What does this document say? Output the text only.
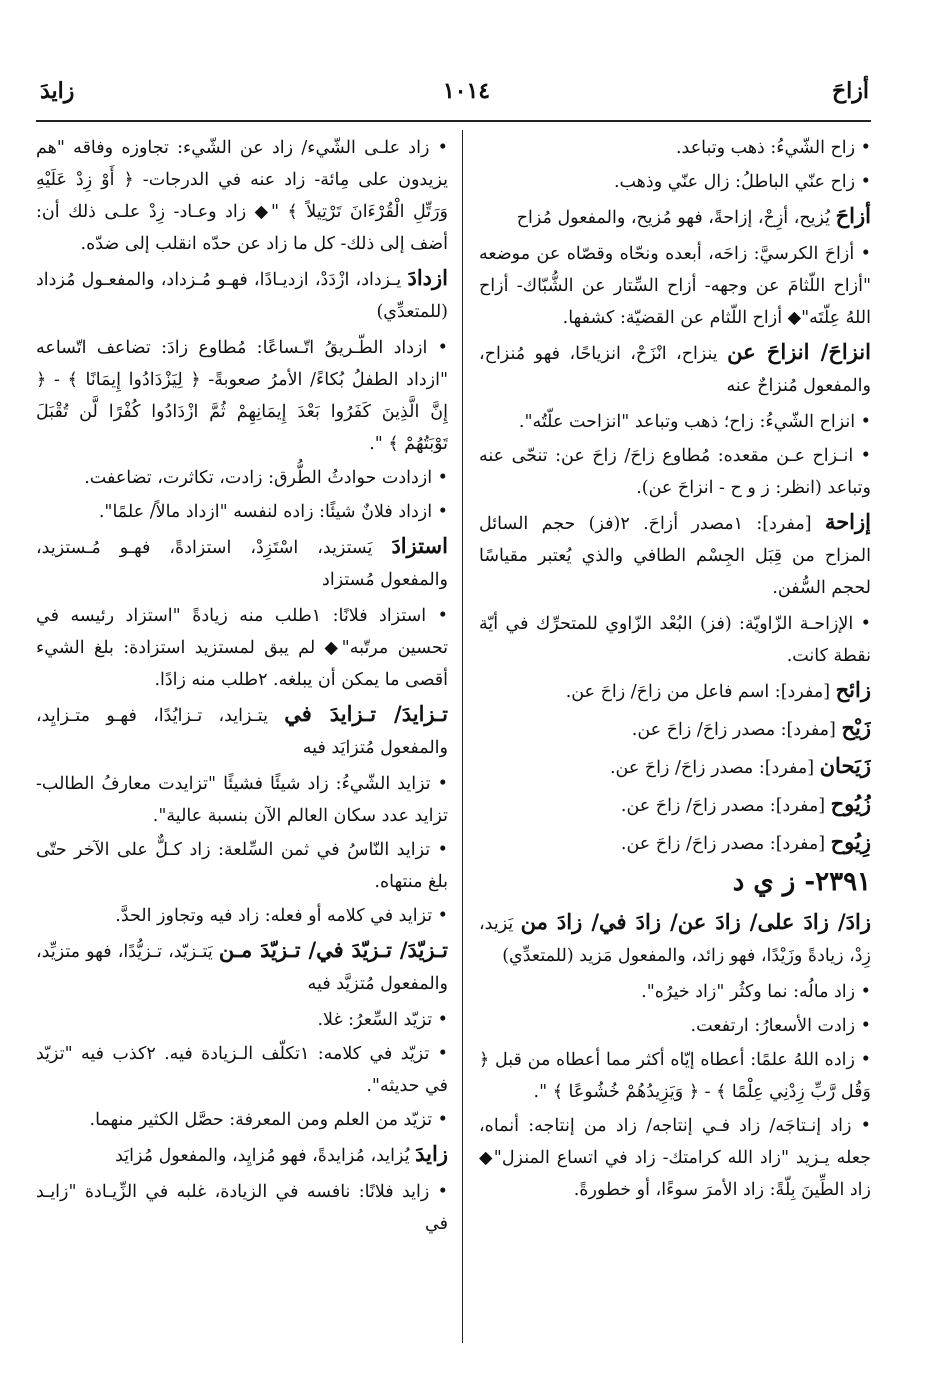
أزاحَ
١٠١٤
زايدَ
• زاح الشّيءُ: ذهب وتباعد.
• زاح عنّي الباطلُ: زال عنّي وذهب.
أزاحَ يُزيح، أزِحْ، إزاحةً، فهو مُزيح، والمفعول مُزاح
• أزاحَ الكرسيَّ: زاحَه، أبعده ونحّاه وقصّاه عن موضعه "أزاح اللّثامَ عن وجهه- أزاح السِّتار عن الشُّبّاك- أزاح اللهُ عِلّتَه"◆ أزاح اللّثام عن القضيّة: كشفها.
انزاحَ/ انزاحَ عن ينزاح، انْزَحْ، انزياحًا، فهو مُنزاح، والمفعول مُنزاحٌ عنه
• انزاح الشّيءُ: زاح؛ ذهب وتباعد "انزاحت علّتُه".
• انـزاح عـن مقعده: مُطاوع زاحَ/ زاحَ عن: تنحّى عنه وتباعد (انظر: ز و ح - انزاحَ عن).
إزاحة [مفرد]: ١مصدر أزاحَ. ٢(فز) حجم السائل المزاح من قِبَل الجِسْم الطافي والذي يُعتبر مقياسًا لحجم السُّفن.
• الإزاحـة الزّاويّة: (فز) البُعْد الزّاوي للمتحرِّك في أيّة نقطة كانت.
زائح [مفرد]: اسم فاعل من زاحَ/ زاحَ عن.
زَيْح [مفرد]: مصدر زاحَ/ زاحَ عن.
زَيَحان [مفرد]: مصدر زاحَ/ زاحَ عن.
زُيُوح [مفرد]: مصدر زاحَ/ زاحَ عن.
زِيُوح [مفرد]: مصدر زاحَ/ زاحَ عن.
٢٣٩١- ز ي د
زادَ/ زادَ على/ زادَ عن/ زادَ في/ زادَ من يَزيد، زِدْ، زيادةً وزَيْدًا، فهو زائد، والمفعول مَزيد (للمتعدِّي)
• زاد مالُه: نما وكثُر "زاد خيرُه".
• زادت الأسعارُ: ارتفعت.
• زاده اللهُ علمًا: أعطاه إيّاه أكثر مما أعطاه من قبل ﴿ وَقُل رَّبِّ زِدْنِي عِلْمًا ﴾ - ﴿ وَيَزِيدُهُمْ خُشُوعًا ﴾ ".
• زاد إنـتاجَه/ زاد فـي إنتاجه/ زاد من إنتاجه: أنماه، جعله يـزيد "زاد الله كرامتك- زاد في اتساع المنزل"◆ زاد الطِّينَ بِلّةً: زاد الأمرَ سوءًا، أو خطورةً.
• زاد علـى الشّيء/ زاد عن الشّيء: تجاوزه وفاقه "هم يزيدون على مِائة- زاد عنه في الدرجات- ﴿ أَوْ زِدْ عَلَيْهِ وَرَتِّلِ الْقُرْءَانَ تَرْتِيلاً ﴾ "◆ زاد وعـاد- زِدْ علـى ذلك أن: أضف إلى ذلك- كل ما زاد عن حدّه انقلب إلى ضدّه.
ازدادَ يـزداد، ازْدَدْ، ازديـادًا، فهـو مُـزداد، والمفعـول مُزداد (للمتعدِّي)
• ازداد الطّـريقُ اتّـساعًا: مُطاوع زادَ: تضاعف اتّساعه "ازداد الطفلُ بُكاءً/ الأمرُ صعوبةً- ﴿ لِيَزْدَادُوا إِيمَانًا ﴾ - ﴿ إِنَّ الَّذِينَ كَفَرُوا بَعْدَ إِيمَانِهِمْ ثُمَّ ازْدَادُوا كُفْرًا لَّن تُقْبَلَ تَوْبَتُهُمْ ﴾ ".
• ازدادت حوادثُ الطُّرق: زادت، تكاثرت، تضاعفت.
• ازداد فلانٌ شيئًا: زاده لنفسه "ازداد مالاً/ علمًا".
استزادَ يَستزيد، اسْتَزِدْ، استزادةً، فهـو مُـستزيد، والمفعول مُستزاد
• استزاد فلانًا: ١طلب منه زيادةً "استزاد رئيسه في تحسين مرتّبه"◆ لم يبق لمستزيد استزادة: بلغ الشيء أقصى ما يمكن أن يبلغه. ٢طلب منه زادًا.
تـزايدَ/ تـزايدَ في يتـزايد، تـزايُدًا، فهـو متـزايِد، والمفعول مُتزايَد فيه
• تزايد الشّيءُ: زاد شيئًا فشيئًا "تزايدت معارفُ الطالب- تزايد عدد سكان العالم الآن بنسبة عالية".
• تزايد النّاسُ في ثمن السِّلعة: زاد كـلٌّ على الآخر حتّى بلغ منتهاه.
• تزايد في كلامه أو فعله: زاد فيه وتجاوز الحدَّ.
تـزيّدَ/ تـزيّدَ في/ تـزيّدَ مـن يَتـزيّد، تـزيُّدًا، فهو متزيِّد، والمفعول مُتزيَّد فيه
• تزيّد السِّعرُ: غلا.
• تزيّد في كلامه: ١تكلّف الـزيادة فيه. ٢كذب فيه "تزيّد في حديثه".
• تزيّد من العلم ومن المعرفة: حصَّل الكثير منهما.
زايدَ يُزايد، مُزايدةً، فهو مُزايِد، والمفعول مُزايَد
• زايد فلانًا: نافسه في الزيادة، غلبه في الزِّيـادة "زايـد في
